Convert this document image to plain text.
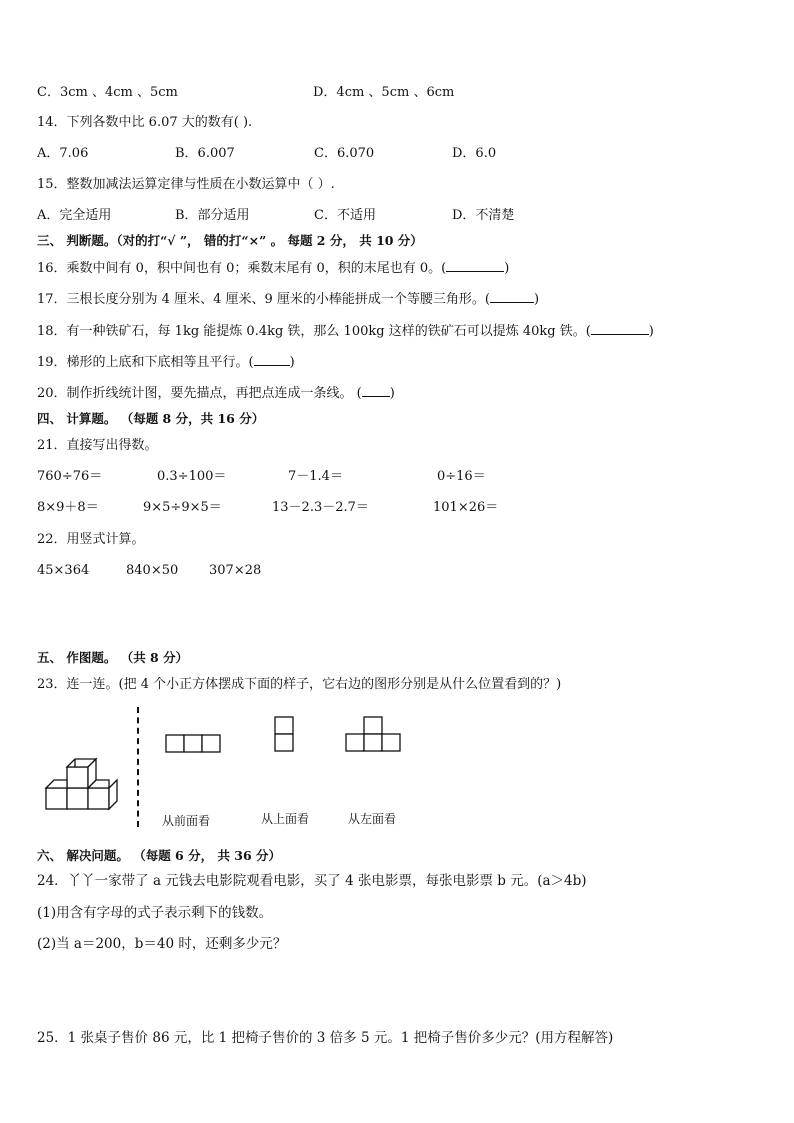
C．3cm 、4cm 、5cm	D．4cm 、5cm 、6cm
14．下列各数中比 6.07 大的数有( ).
A．7.06	B．6.007	C．6.070	D．6.0
15．整数加减法运算定律与性质在小数运算中（ ）.
A．完全适用	B．部分适用	C．不适用	D．不清楚
三、 判断题。（对的打“√ ”， 错的打“×” 。 每题 2 分， 共 10 分）
16．乘数中间有 0，积中间也有 0；乘数末尾有 0，积的末尾也有 0。(	)
17．三根长度分别为 4 厘米、4 厘米、9 厘米的小棒能拼成一个等腰三角形。(	)
18．有一种铁矿石，每 1kg 能提炼 0.4kg 铁，那么 100kg 这样的铁矿石可以提炼 40kg 铁。(	)
19．梯形的上底和下底相等且平行。(	)
20．制作折线统计图，要先描点，再把点连成一条线。 ( )
四、 计算题。 （每题 8 分，共 16 分）
21．直接写出得数。
760÷76＝	0.3÷100＝	7－1.4＝	0÷16＝
8×9＋8＝	9×5÷9×5＝	13－2.3－2.7＝	101×26＝
22．用竖式计算。
45×364	840×50 307×28
五、 作图题。 （共 8 分）
23．连一连。(把 4 个小正方体摆成下面的样子，它右边的图形分别是从什么位置看到的？)
从前面看	从上面看	从左面看
六、 解决问题。 （每题 6 分， 共 36 分）
24．丫丫一家带了 a 元钱去电影院观看电影，买了 4 张电影票，每张电影票 b 元。(a＞4b)
(1)用含有字母的式子表示剩下的钱数。
(2)当 a＝200，b＝40 时，还剩多少元？
25．1 张桌子售价 86 元，比 1 把椅子售价的 3 倍多 5 元。1 把椅子售价多少元？(用方程解答)
